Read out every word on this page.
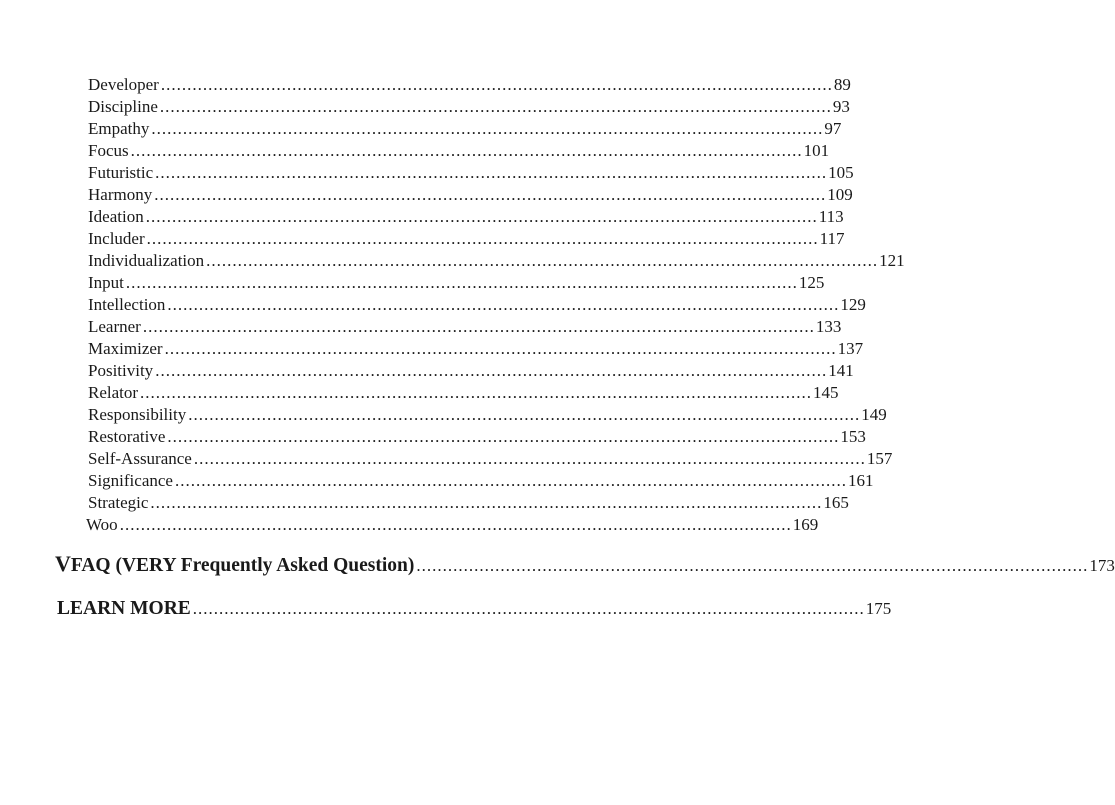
Developer ................................................................................................................................ 89
Discipline ................................................................................................................................ 93
Empathy ................................................................................................................................ 97
Focus ................................................................................................................................ 101
Futuristic ................................................................................................................................ 105
Harmony ................................................................................................................................ 109
Ideation ................................................................................................................................ 113
Includer ................................................................................................................................ 117
Individualization ................................................................................................................................ 121
Input ................................................................................................................................ 125
Intellection ................................................................................................................................ 129
Learner ................................................................................................................................ 133
Maximizer ................................................................................................................................ 137
Positivity ................................................................................................................................ 141
Relator ................................................................................................................................ 145
Responsibility ................................................................................................................................ 149
Restorative ................................................................................................................................ 153
Self-Assurance ................................................................................................................................ 157
Significance ................................................................................................................................ 161
Strategic ................................................................................................................................ 165
Woo ................................................................................................................................ 169
VFAQ (VERY Frequently Asked Question) ................................................................................................................................ 173
LEARN MORE ................................................................................................................................ 175
